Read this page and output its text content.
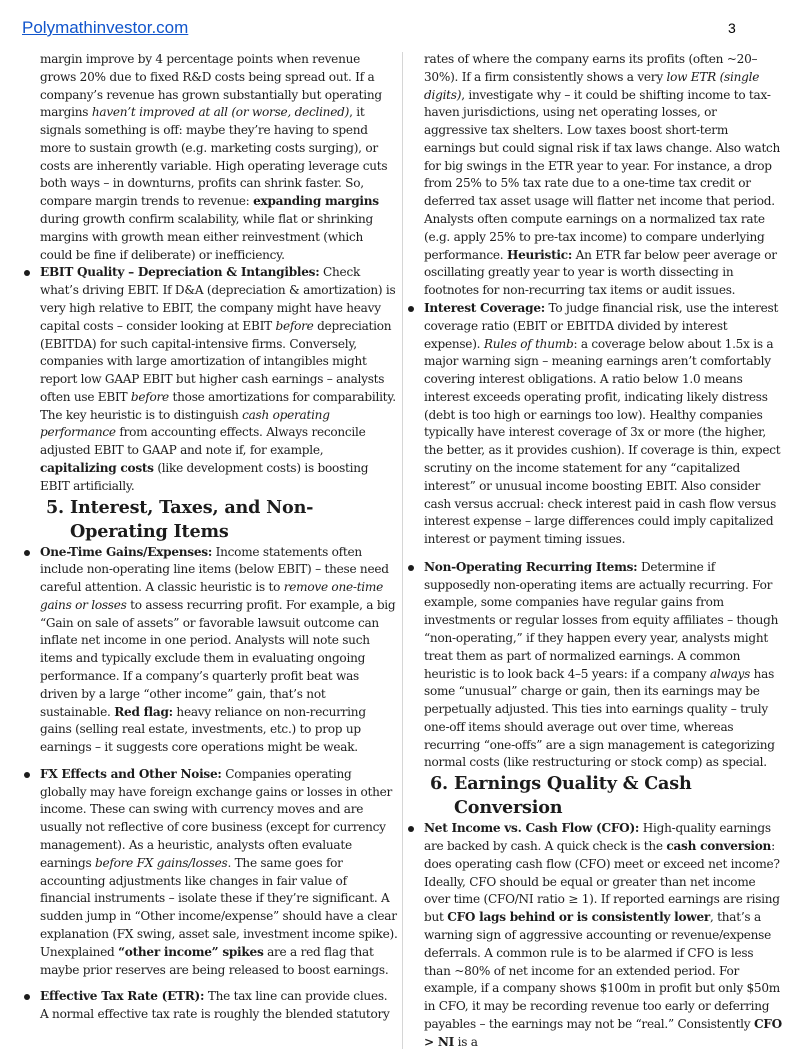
Polymathinvestor.com	3

margin improve by 4 percentage points when revenue grows 20% due to fixed R&D costs being spread out. If a company’s revenue has grown substantially but operating margins haven’t improved at all (or worse, declined), it signals something is off: maybe they’re having to spend more to sustain growth (e.g. marketing costs surging), or costs are inherently variable. High operating leverage cuts both ways – in downturns, profits can shrink faster. So, compare margin trends to revenue: expanding margins during growth confirm scalability, while flat or shrinking margins with growth mean either reinvestment (which could be fine if deliberate) or inefficiency.

EBIT Quality – Depreciation & Intangibles: Check what’s driving EBIT. If D&A (depreciation & amortization) is very high relative to EBIT, the company might have heavy capital costs – consider looking at EBIT before depreciation (EBITDA) for such capital-intensive firms. Conversely, companies with large amortization of intangibles might report low GAAP EBIT but higher cash earnings – analysts often use EBIT before those amortizations for comparability. The key heuristic is to distinguish cash operating performance from accounting effects. Always reconcile adjusted EBIT to GAAP and note if, for example, capitalizing costs (like development costs) is boosting EBIT artificially.
5. Interest, Taxes, and Non-Operating Items
One-Time Gains/Expenses: Income statements often include non-operating line items (below EBIT) – these need careful attention. A classic heuristic is to remove one-time gains or losses to assess recurring profit. For example, a big “Gain on sale of assets” or favorable lawsuit outcome can inflate net income in one period. Analysts will note such items and typically exclude them in evaluating ongoing performance. If a company’s quarterly profit beat was driven by a large “other income” gain, that’s not sustainable. Red flag: heavy reliance on non-recurring gains (selling real estate, investments, etc.) to prop up earnings – it suggests core operations might be weak.
FX Effects and Other Noise: Companies operating globally may have foreign exchange gains or losses in other income. These can swing with currency moves and are usually not reflective of core business (except for currency management). As a heuristic, analysts often evaluate earnings before FX gains/losses. The same goes for accounting adjustments like changes in fair value of financial instruments – isolate these if they’re significant. A sudden jump in “Other income/expense” should have a clear explanation (FX swing, asset sale, investment income spike). Unexplained “other income” spikes are a red flag that maybe prior reserves are being released to boost earnings.
Effective Tax Rate (ETR): The tax line can provide clues. A normal effective tax rate is roughly the blended statutory

rates of where the company earns its profits (often ~20–30%). If a firm consistently shows a very low ETR (single digits), investigate why – it could be shifting income to tax-haven jurisdictions, using net operating losses, or aggressive tax shelters. Low taxes boost short-term earnings but could signal risk if tax laws change. Also watch for big swings in the ETR year to year. For instance, a drop from 25% to 5% tax rate due to a one-time tax credit or deferred tax asset usage will flatter net income that period. Analysts often compute earnings on a normalized tax rate (e.g. apply 25% to pre-tax income) to compare underlying performance. Heuristic: An ETR far below peer average or oscillating greatly year to year is worth dissecting in footnotes for non-recurring tax items or audit issues.

Interest Coverage: To judge financial risk, use the interest coverage ratio (EBIT or EBITDA divided by interest expense). Rules of thumb: a coverage below about 1.5x is a major warning sign – meaning earnings aren’t comfortably covering interest obligations. A ratio below 1.0 means interest exceeds operating profit, indicating likely distress (debt is too high or earnings too low). Healthy companies typically have interest coverage of 3x or more (the higher, the better, as it provides cushion). If coverage is thin, expect scrutiny on the income statement for any “capitalized interest” or unusual income boosting EBIT. Also consider cash versus accrual: check interest paid in cash flow versus interest expense – large differences could imply capitalized interest or payment timing issues.
Non-Operating Recurring Items: Determine if supposedly non-operating items are actually recurring. For example, some companies have regular gains from investments or regular losses from equity affiliates – though “non-operating,” if they happen every year, analysts might treat them as part of normalized earnings. A common heuristic is to look back 4–5 years: if a company always has some “unusual” charge or gain, then its earnings may be perpetually adjusted. This ties into earnings quality – truly one-off items should average out over time, whereas recurring “one-offs” are a sign management is categorizing normal costs (like restructuring or stock comp) as special.
6. Earnings Quality & Cash Conversion
Net Income vs. Cash Flow (CFO): High-quality earnings are backed by cash. A quick check is the cash conversion: does operating cash flow (CFO) meet or exceed net income? Ideally, CFO should be equal or greater than net income over time (CFO/NI ratio ≥ 1). If reported earnings are rising but CFO lags behind or is consistently lower, that’s a warning sign of aggressive accounting or revenue/expense deferrals. A common rule is to be alarmed if CFO is less than ~80% of net income for an extended period. For example, if a company shows $100m in profit but only $50m in CFO, it may be recording revenue too early or deferring payables – the earnings may not be “real.” Consistently CFO > NI is a
